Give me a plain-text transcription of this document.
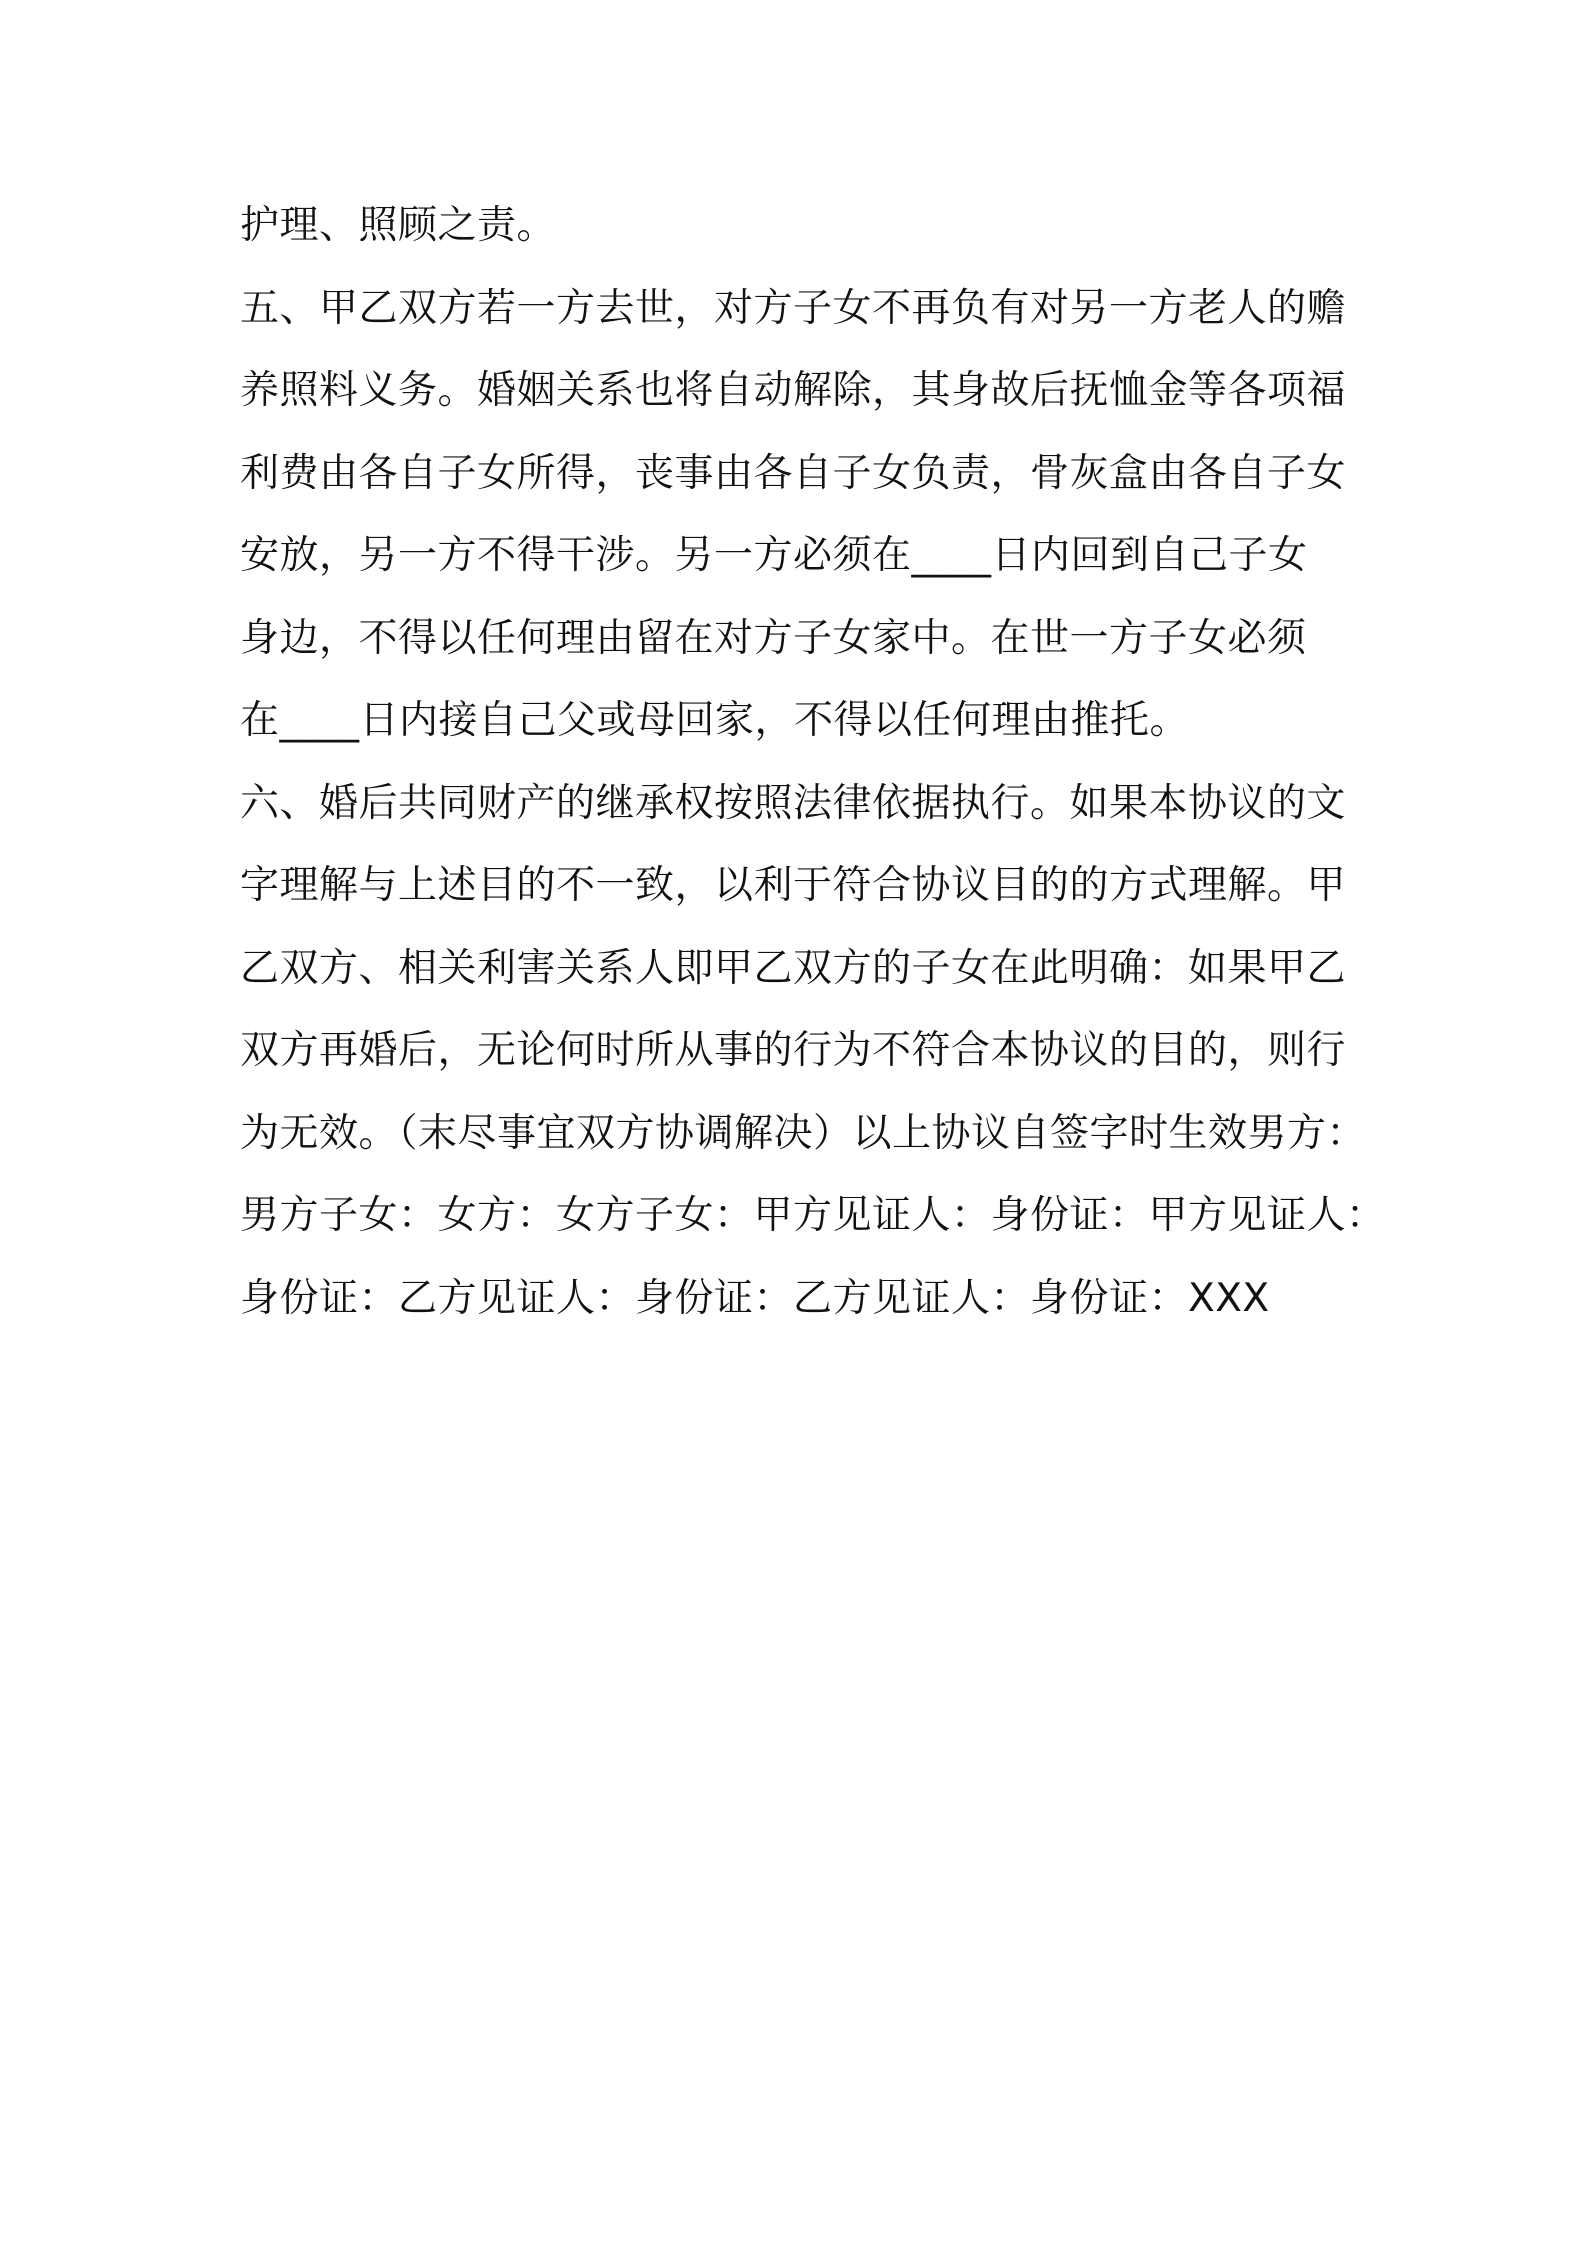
护理、照顾之责。
五、甲乙双方若一方去世，对方子女不再负有对另一方老人的赡
养照料义务。婚姻关系也将自动解除，其身故后抚恤金等各项福
利费由各自子女所得，丧事由各自子女负责，骨灰盒由各自子女
安放，另一方不得干涉。另一方必须在____日内回到自己子女
身边，不得以任何理由留在对方子女家中。在世一方子女必须
在____日内接自己父或母回家，不得以任何理由推托。
六、婚后共同财产的继承权按照法律依据执行。如果本协议的文
字理解与上述目的不一致，以利于符合协议目的的方式理解。甲
乙双方、相关利害关系人即甲乙双方的子女在此明确：如果甲乙
双方再婚后，无论何时所从事的行为不符合本协议的目的，则行
为无效。（末尽事宜双方协调解决）以上协议自签字时生效男方：
男方子女：女方：女方子女：甲方见证人：身份证：甲方见证人：
身份证：乙方见证人：身份证：乙方见证人：身份证：XXX
